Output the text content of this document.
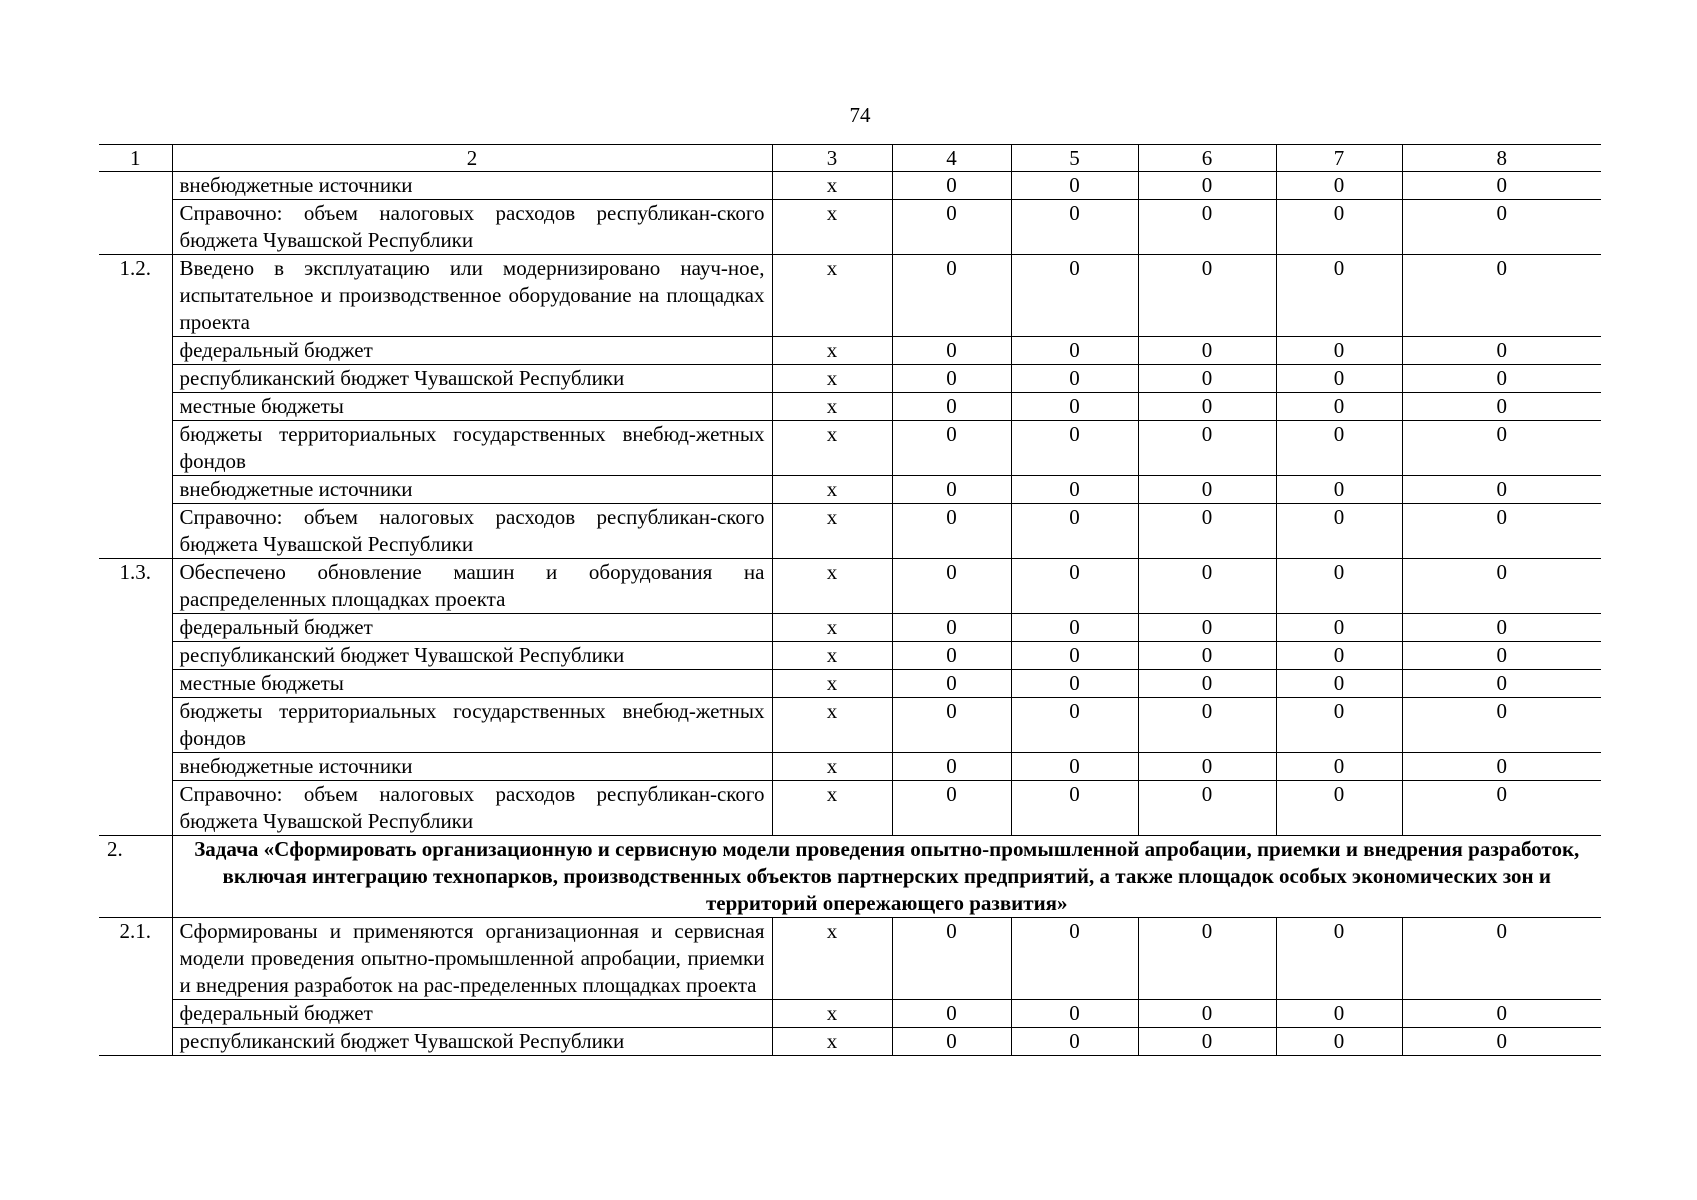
74
1	2	3	4	5	6	7	8
	внебюджетные источники	х	0	0	0	0	0
	Справочно: объем налоговых расходов республикан-ского бюджета Чувашской Республики	х	0	0	0	0	0
1.2.	Введено в эксплуатацию или модернизировано науч-ное, испытательное и производственное оборудование на площадках проекта	х	0	0	0	0	0
	федеральный бюджет	х	0	0	0	0	0
	республиканский бюджет Чувашской Республики	х	0	0	0	0	0
	местные бюджеты	х	0	0	0	0	0
	бюджеты территориальных государственных внебюд-жетных фондов	х	0	0	0	0	0
	внебюджетные источники	х	0	0	0	0	0
	Справочно: объем налоговых расходов республикан-ского бюджета Чувашской Республики	х	0	0	0	0	0
1.3.	Обеспечено обновление машин и оборудования на распределенных площадках проекта	х	0	0	0	0	0
	федеральный бюджет	х	0	0	0	0	0
	республиканский бюджет Чувашской Республики	х	0	0	0	0	0
	местные бюджеты	х	0	0	0	0	0
	бюджеты территориальных государственных внебюд-жетных фондов	х	0	0	0	0	0
	внебюджетные источники	х	0	0	0	0	0
	Справочно: объем налоговых расходов республикан-ского бюджета Чувашской Республики	х	0	0	0	0	0
2.	Задача «Сформировать организационную и сервисную модели проведения опытно-промышленной апробации, приемки и внедрения разработок, включая интеграцию технопарков, производственных объектов партнерских предприятий, а также площадок особых экономических зон и территорий опережающего развития»						
2.1.	Сформированы и применяются организационная и сервисная модели проведения опытно-промышленной апробации, приемки и внедрения разработок на рас-пределенных площадках проекта	х	0	0	0	0	0
	федеральный бюджет	х	0	0	0	0	0
	республиканский бюджет Чувашской Республики	х	0	0	0	0	0
